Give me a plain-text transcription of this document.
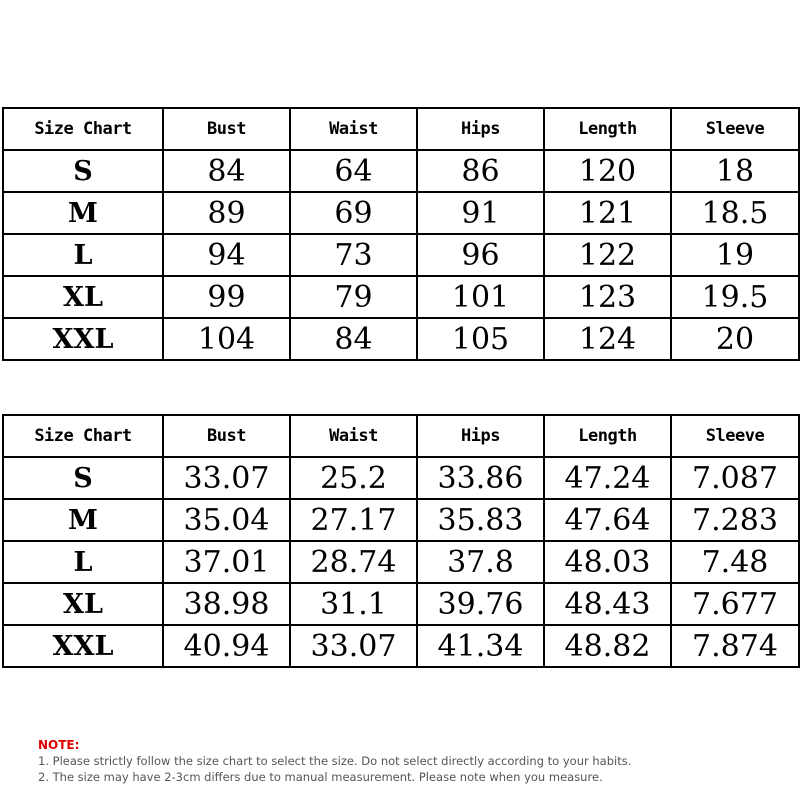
Size Chart	Bust	Waist	Hips	Length	Sleeve
S	84	64	86	120	18
M	89	69	91	121	18.5
L	94	73	96	122	19
XL	99	79	101	123	19.5
XXL	104	84	105	124	20
Size Chart	Bust	Waist	Hips	Length	Sleeve
S	33.07	25.2	33.86	47.24	7.087
M	35.04	27.17	35.83	47.64	7.283
L	37.01	28.74	37.8	48.03	7.48
XL	38.98	31.1	39.76	48.43	7.677
XXL	40.94	33.07	41.34	48.82	7.874
NOTE:
1. Please strictly follow the size chart to select the size. Do not select directly according to your habits.
2. The size may have 2-3cm differs due to manual measurement. Please note when you measure.
